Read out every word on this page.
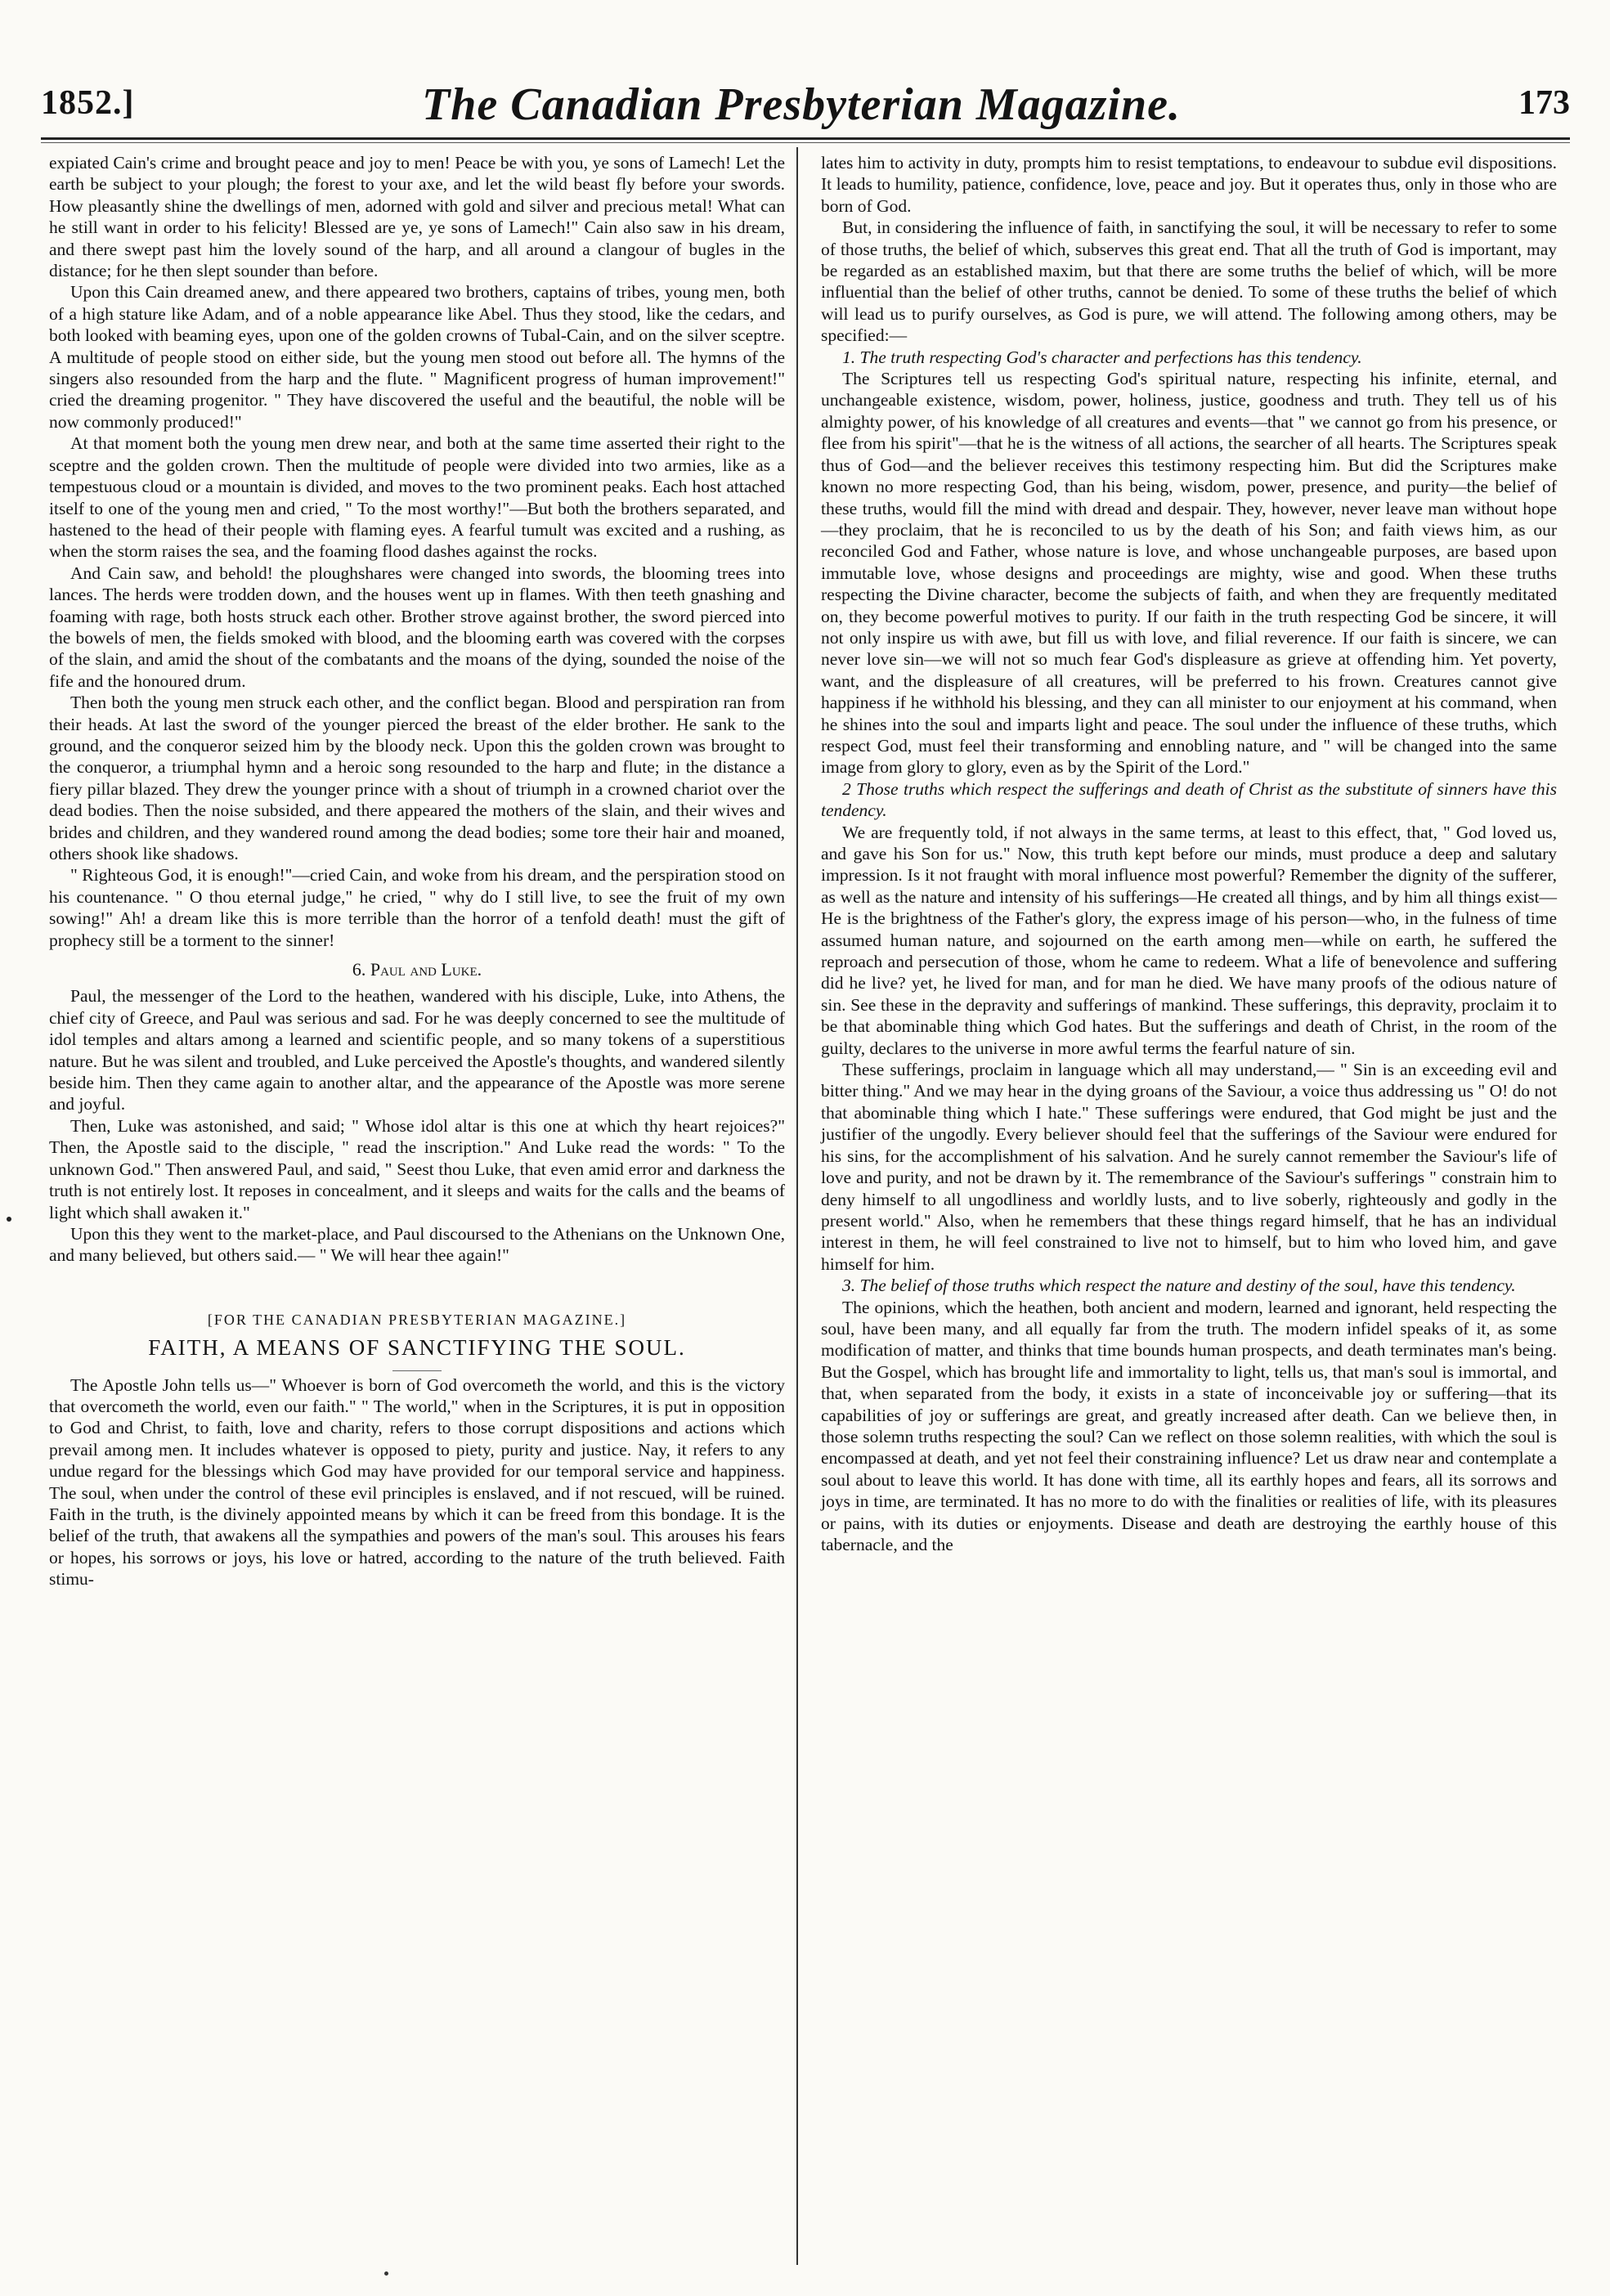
1852.]	The Canadian Presbyterian Magazine.	173

expiated Cain's crime and brought peace and joy to men! Peace be with you, ye sons of Lamech! Let the earth be subject to your plough; the forest to your axe, and let the wild beast fly before your swords. How pleasantly shine the dwellings of men, adorned with gold and silver and precious metal! What can he still want in order to his felicity! Blessed are ye, ye sons of Lamech!" Cain also saw in his dream, and there swept past him the lovely sound of the harp, and all around a clangour of bugles in the distance; for he then slept sounder than before.

Upon this Cain dreamed anew, and there appeared two brothers, captains of tribes, young men, both of a high stature like Adam, and of a noble appearance like Abel. Thus they stood, like the cedars, and both looked with beaming eyes, upon one of the golden crowns of Tubal-Cain, and on the silver sceptre. A multitude of people stood on either side, but the young men stood out before all. The hymns of the singers also resounded from the harp and the flute. " Magnificent progress of human improvement!" cried the dreaming progenitor. " They have discovered the useful and the beautiful, the noble will be now commonly produced!"

At that moment both the young men drew near, and both at the same time asserted their right to the sceptre and the golden crown. Then the multitude of people were divided into two armies, like as a tempestuous cloud or a mountain is divided, and moves to the two prominent peaks. Each host attached itself to one of the young men and cried, " To the most worthy!"—But both the brothers separated, and hastened to the head of their people with flaming eyes. A fearful tumult was excited and a rushing, as when the storm raises the sea, and the foaming flood dashes against the rocks.

And Cain saw, and behold! the ploughshares were changed into swords, the blooming trees into lances. The herds were trodden down, and the houses went up in flames. With then teeth gnashing and foaming with rage, both hosts struck each other. Brother strove against brother, the sword pierced into the bowels of men, the fields smoked with blood, and the blooming earth was covered with the corpses of the slain, and amid the shout of the combatants and the moans of the dying, sounded the noise of the fife and the honoured drum.

Then both the young men struck each other, and the conflict began. Blood and perspiration ran from their heads. At last the sword of the younger pierced the breast of the elder brother. He sank to the ground, and the conqueror seized him by the bloody neck. Upon this the golden crown was brought to the conqueror, a triumphal hymn and a heroic song resounded to the harp and flute; in the distance a fiery pillar blazed. They drew the younger prince with a shout of triumph in a crowned chariot over the dead bodies. Then the noise subsided, and there appeared the mothers of the slain, and their wives and brides and children, and they wandered round among the dead bodies; some tore their hair and moaned, others shook like shadows.

" Righteous God, it is enough!"—cried Cain, and woke from his dream, and the perspiration stood on his countenance. " O thou eternal judge," he cried, " why do I still live, to see the fruit of my own sowing!" Ah! a dream like this is more terrible than the horror of a tenfold death! must the gift of prophecy still be a torment to the sinner!

6. Paul and Luke.

Paul, the messenger of the Lord to the heathen, wandered with his disciple, Luke, into Athens, the chief city of Greece, and Paul was serious and sad. For he was deeply concerned to see the multitude of idol temples and altars among a learned and scientific people, and so many tokens of a superstitious nature. But he was silent and troubled, and Luke perceived the Apostle's thoughts, and wandered silently beside him. Then they came again to another altar, and the appearance of the Apostle was more serene and joyful.

Then, Luke was astonished, and said; " Whose idol altar is this one at which thy heart rejoices?" Then, the Apostle said to the disciple, " read the inscription." And Luke read the words: " To the unknown God." Then answered Paul, and said, " Seest thou Luke, that even amid error and darkness the truth is not entirely lost. It reposes in concealment, and it sleeps and waits for the calls and the beams of light which shall awaken it."

Upon this they went to the market-place, and Paul discoursed to the Athenians on the Unknown One, and many believed, but others said.— " We will hear thee again!"

[FOR THE CANADIAN PRESBYTERIAN MAGAZINE.]

FAITH, A MEANS OF SANCTIFYING THE SOUL.

The Apostle John tells us—" Whoever is born of God overcometh the world, and this is the victory that overcometh the world, even our faith." " The world," when in the Scriptures, it is put in opposition to God and Christ, to faith, love and charity, refers to those corrupt dispositions and actions which prevail among men. It includes whatever is opposed to piety, purity and justice. Nay, it refers to any undue regard for the blessings which God may have provided for our temporal service and happiness. The soul, when under the control of these evil principles is enslaved, and if not rescued, will be ruined. Faith in the truth, is the divinely appointed means by which it can be freed from this bondage. It is the belief of the truth, that awakens all the sympathies and powers of the man's soul. This arouses his fears or hopes, his sorrows or joys, his love or hatred, according to the nature of the truth believed. Faith stimu-

lates him to activity in duty, prompts him to resist temptations, to endeavour to subdue evil dispositions. It leads to humility, patience, confidence, love, peace and joy. But it operates thus, only in those who are born of God.

But, in considering the influence of faith, in sanctifying the soul, it will be necessary to refer to some of those truths, the belief of which, subserves this great end. That all the truth of God is important, may be regarded as an established maxim, but that there are some truths the belief of which, will be more influential than the belief of other truths, cannot be denied. To some of these truths the belief of which will lead us to purify ourselves, as God is pure, we will attend. The following among others, may be specified:—

1. The truth respecting God's character and perfections has this tendency.

The Scriptures tell us respecting God's spiritual nature, respecting his infinite, eternal, and unchangeable existence, wisdom, power, holiness, justice, goodness and truth. They tell us of his almighty power, of his knowledge of all creatures and events—that " we cannot go from his presence, or flee from his spirit"—that he is the witness of all actions, the searcher of all hearts. The Scriptures speak thus of God—and the believer receives this testimony respecting him. But did the Scriptures make known no more respecting God, than his being, wisdom, power, presence, and purity—the belief of these truths, would fill the mind with dread and despair. They, however, never leave man without hope—they proclaim, that he is reconciled to us by the death of his Son; and faith views him, as our reconciled God and Father, whose nature is love, and whose unchangeable purposes, are based upon immutable love, whose designs and proceedings are mighty, wise and good. When these truths respecting the Divine character, become the subjects of faith, and when they are frequently meditated on, they become powerful motives to purity. If our faith in the truth respecting God be sincere, it will not only inspire us with awe, but fill us with love, and filial reverence. If our faith is sincere, we can never love sin—we will not so much fear God's displeasure as grieve at offending him. Yet poverty, want, and the displeasure of all creatures, will be preferred to his frown. Creatures cannot give happiness if he withhold his blessing, and they can all minister to our enjoyment at his command, when he shines into the soul and imparts light and peace. The soul under the influence of these truths, which respect God, must feel their transforming and ennobling nature, and " will be changed into the same image from glory to glory, even as by the Spirit of the Lord."

2 Those truths which respect the sufferings and death of Christ as the substitute of sinners have this tendency.

We are frequently told, if not always in the same terms, at least to this effect, that, " God loved us, and gave his Son for us." Now, this truth kept before our minds, must produce a deep and salutary impression. Is it not fraught with moral influence most powerful? Remember the dignity of the sufferer, as well as the nature and intensity of his sufferings—He created all things, and by him all things exist—He is the brightness of the Father's glory, the express image of his person—who, in the fulness of time assumed human nature, and sojourned on the earth among men—while on earth, he suffered the reproach and persecution of those, whom he came to redeem. What a life of benevolence and suffering did he live? yet, he lived for man, and for man he died. We have many proofs of the odious nature of sin. See these in the depravity and sufferings of mankind. These sufferings, this depravity, proclaim it to be that abominable thing which God hates. But the sufferings and death of Christ, in the room of the guilty, declares to the universe in more awful terms the fearful nature of sin.

These sufferings, proclaim in language which all may understand,— " Sin is an exceeding evil and bitter thing." And we may hear in the dying groans of the Saviour, a voice thus addressing us " O! do not that abominable thing which I hate." These sufferings were endured, that God might be just and the justifier of the ungodly. Every believer should feel that the sufferings of the Saviour were endured for his sins, for the accomplishment of his salvation. And he surely cannot remember the Saviour's life of love and purity, and not be drawn by it. The remembrance of the Saviour's sufferings " constrain him to deny himself to all ungodliness and worldly lusts, and to live soberly, righteously and godly in the present world." Also, when he remembers that these things regard himself, that he has an individual interest in them, he will feel constrained to live not to himself, but to him who loved him, and gave himself for him.

3. The belief of those truths which respect the nature and destiny of the soul, have this tendency.

The opinions, which the heathen, both ancient and modern, learned and ignorant, held respecting the soul, have been many, and all equally far from the truth. The modern infidel speaks of it, as some modification of matter, and thinks that time bounds human prospects, and death terminates man's being. But the Gospel, which has brought life and immortality to light, tells us, that man's soul is immortal, and that, when separated from the body, it exists in a state of inconceivable joy or suffering—that its capabilities of joy or sufferings are great, and greatly increased after death. Can we believe then, in those solemn truths respecting the soul? Can we reflect on those solemn realities, with which the soul is encompassed at death, and yet not feel their constraining influence? Let us draw near and contemplate a soul about to leave this world. It has done with time, all its earthly hopes and fears, all its sorrows and joys in time, are terminated. It has no more to do with the finalities or realities of life, with its pleasures or pains, with its duties or enjoyments. Disease and death are destroying the earthly house of this tabernacle, and the
